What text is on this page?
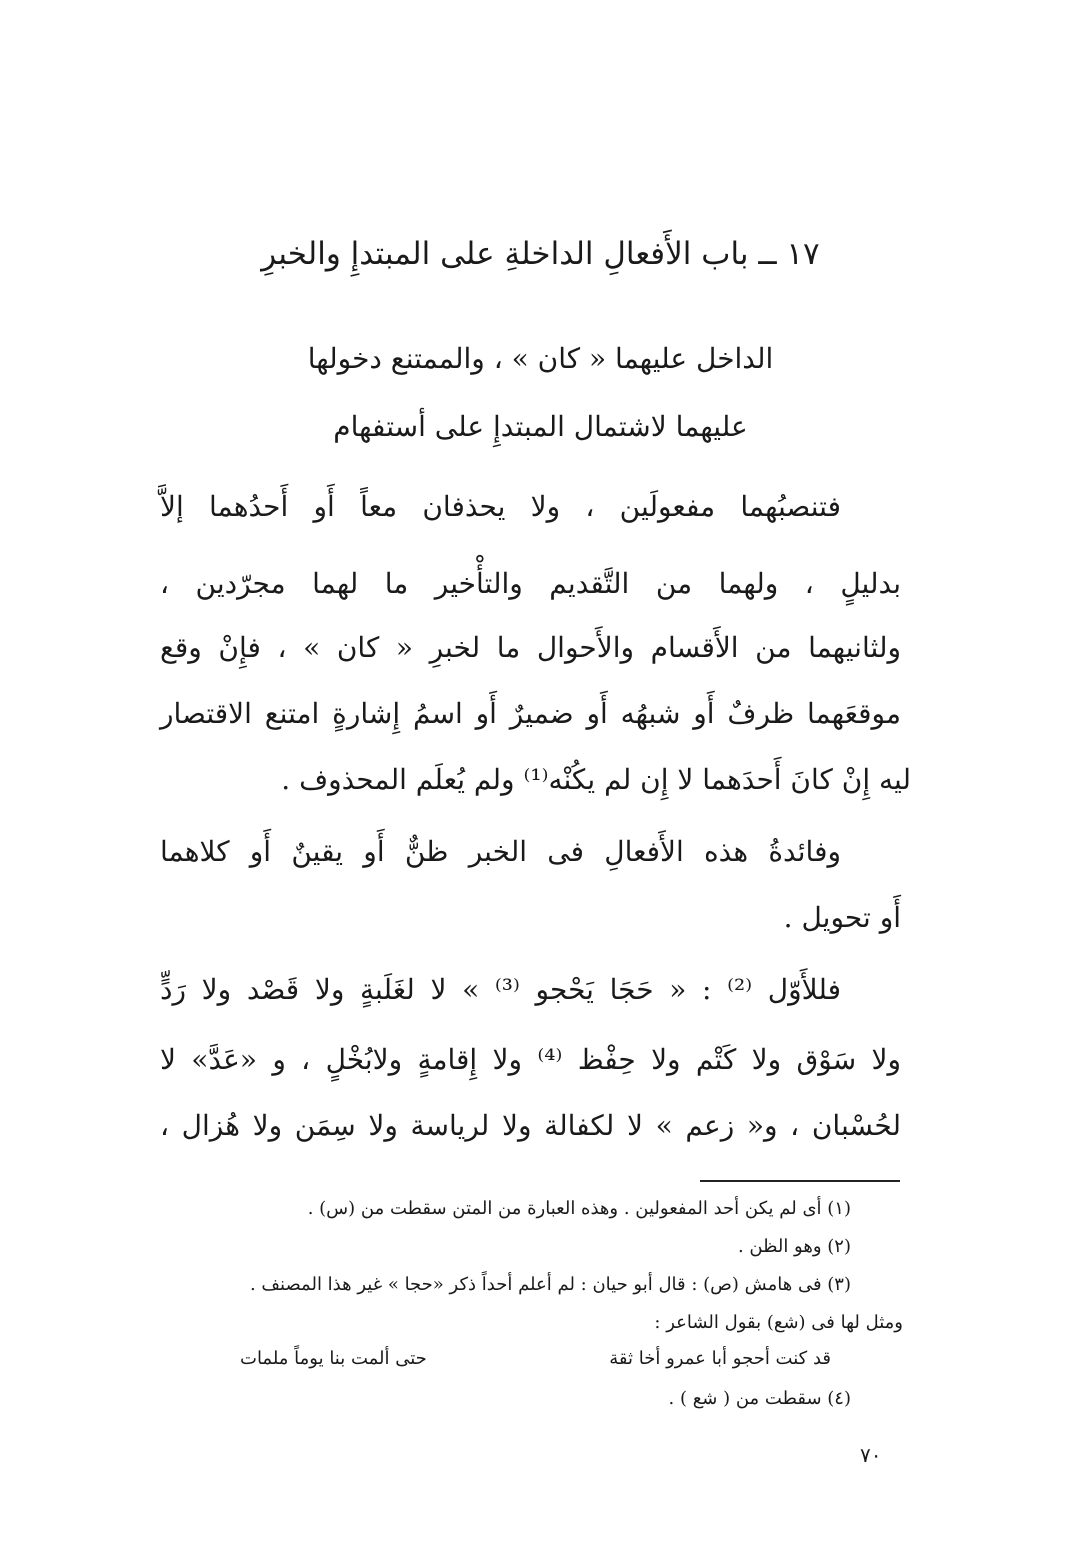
١٧ ــ باب الأَفعالِ الداخلةِ على المبتدإِ والخبرِ
الداخل عليهما « كان » ، والممتنع دخولها
عليهما لاشتمال المبتدإِ على أستفهام
فتنصبُهما مفعولَين ، ولا يحذفان معاً أَو أَحدُهما إلاَّ
بدليلٍ ، ولهما من التَّقديم والتأْخير ما لهما مجرّدين ،
ولثانيهما من الأَقسام والأَحوال ما لخبرِ « كان » ، فإِنْ وقع
موقعَهما ظرفٌ أَو شبهُه أَو ضميرٌ أَو اسمُ إِشارةٍ امتنع الاقتصار
ليه إِنْ كانَ أَحدَهما لا إِن لم يكُنْه⁽¹⁾ ولم يُعلَم المحذوف .
وفائدةُ هذه الأَفعالِ فى الخبر ظنٌّ أَو يقينٌ أَو كلاهما
أَو تحويل .
فللأَوّل ⁽²⁾ : « حَجَا يَحْجو ⁽³⁾ » لا لغَلَبةٍ ولا قَصْد ولا رَدٍّ
ولا سَوْق ولا كَتْم ولا حِفْظ ⁽⁴⁾ ولا إِقامةٍ ولابُخْلٍ ، و «عَدَّ» لا
لحُسْبان ، و« زعم » لا لكفالة ولا لرياسة ولا سِمَن ولا هُزال ،
(١) أى لم يكن أحد المفعولين . وهذه العبارة من المتن سقطت من (س) .
(٢) وهو الظن .
(٣) فى هامش (ص) : قال أبو حيان : لم أعلم أحداً ذكر «حجا » غير هذا المصنف .
ومثل لها فى (شع) بقول الشاعر :
قد كنت أحجو أبا عمرو أخا ثقة
حتى ألمت بنا يوماً ملمات
(٤) سقطت من ( شع ) .
٧٠
